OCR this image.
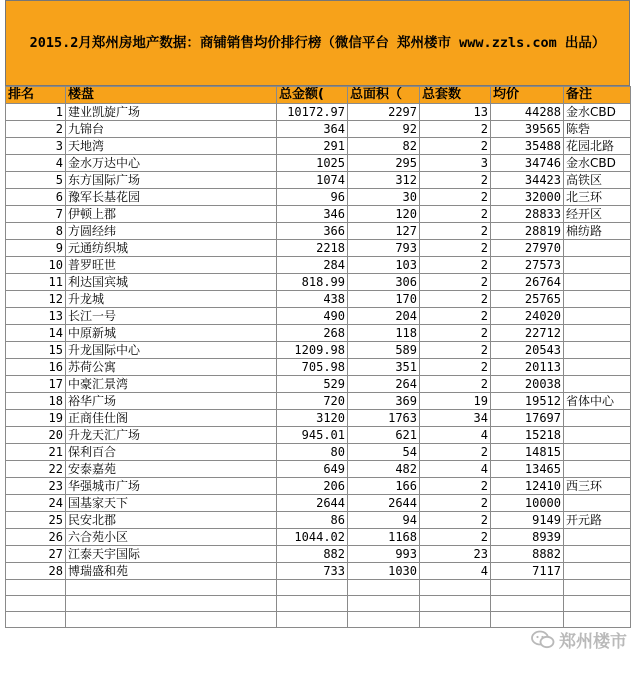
2015.2月郑州房地产数据：商铺销售均价排行榜（微信平台 郑州楼市 www.zzls.com 出品）
排名	楼盘	总金额(	总面积（	总套数	均价	备注
1	建业凯旋广场	10172.97	2297	13	44288	金水CBD
2	九锦台	364	92	2	39565	陈砦
3	天地湾	291	82	2	35488	花园北路
4	金水万达中心	1025	295	3	34746	金水CBD
5	东方国际广场	1074	312	2	34423	高铁区
6	豫军长基花园	96	30	2	32000	北三环
7	伊顿上郡	346	120	2	28833	经开区
8	方圆经纬	366	127	2	28819	棉纺路
9	元通纺织城	2218	793	2	27970	
10	普罗旺世	284	103	2	27573	
11	利达国宾城	818.99	306	2	26764	
12	升龙城	438	170	2	25765	
13	长江一号	490	204	2	24020	
14	中原新城	268	118	2	22712	
15	升龙国际中心	1209.98	589	2	20543	
16	苏荷公寓	705.98	351	2	20113	
17	中豪汇景湾	529	264	2	20038	
18	裕华广场	720	369	19	19512	省体中心
19	正商佳仕阁	3120	1763	34	17697	
20	升龙天汇广场	945.01	621	4	15218	
21	保利百合	80	54	2	14815	
22	安泰嘉苑	649	482	4	13465	
23	华强城市广场	206	166	2	12410	西三环
24	国基家天下	2644	2644	2	10000	
25	民安北郡	86	94	2	9149	开元路
26	六合苑小区	1044.02	1168	2	8939	
27	江泰天宇国际	882	993	23	8882	
28	博瑞盛和苑	733	1030	4	7117	

郑州楼市
